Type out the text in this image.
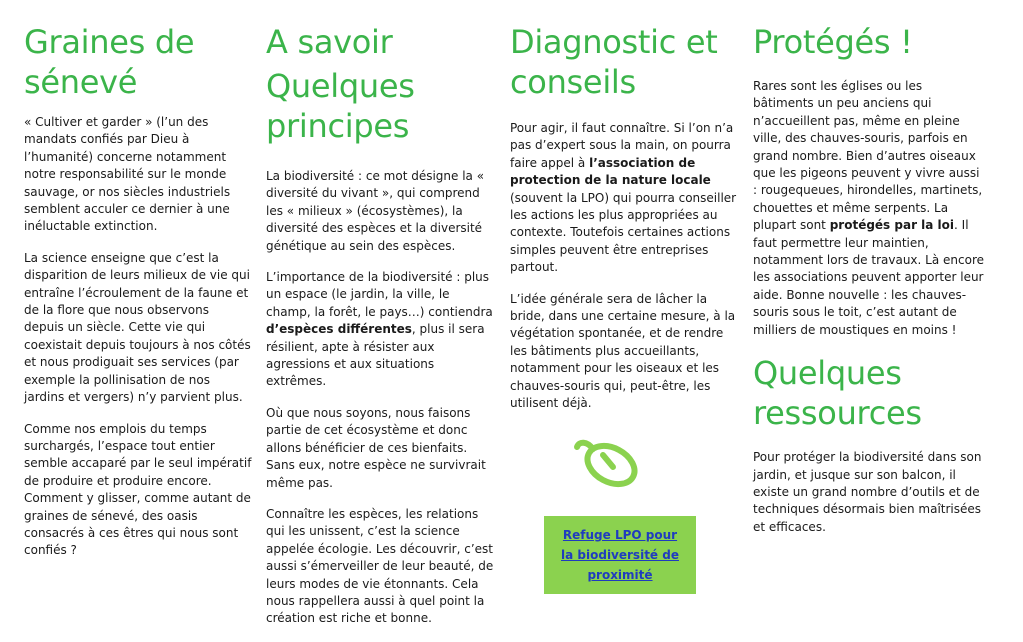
Graines de sénevé

« Cultiver et garder » (l’un des mandats confiés par Dieu à l’humanité) concerne notamment notre responsabilité sur le monde sauvage, or nos siècles industriels semblent acculer ce dernier à une inéluctable extinction.

La science enseigne que c’est la disparition de leurs milieux de vie qui entraîne l’écroulement de la faune et de la flore que nous observons depuis un siècle. Cette vie qui coexistait depuis toujours à nos côtés et nous prodiguait ses services (par exemple la pollinisation de nos jardins et vergers) n’y parvient plus.

Comme nos emplois du temps surchargés, l’espace tout entier semble accaparé par le seul impératif de produire et produire encore. Comment y glisser, comme autant de graines de sénevé, des oasis consacrés à ces êtres qui nous sont confiés ?

A savoir
Quelques principes

La biodiversité : ce mot désigne la « diversité du vivant », qui comprend les « milieux » (écosystèmes), la diversité des espèces et la diversité génétique au sein des espèces.

L’importance de la biodiversité : plus un espace (le jardin, la ville, le champ, la forêt, le pays…) contiendra d’espèces différentes, plus il sera résilient, apte à résister aux agressions et aux situations extrêmes.

Où que nous soyons, nous faisons partie de cet écosystème et donc allons bénéficier de ces bienfaits. Sans eux, notre espèce ne survivrait même pas.

Connaître les espèces, les relations qui les unissent, c’est la science appelée écologie. Les découvrir, c’est aussi s’émerveiller de leur beauté, de leurs modes de vie étonnants. Cela nous rappellera aussi à quel point la création est riche et bonne.

Diagnostic et conseils

Pour agir, il faut connaître. Si l’on n’a pas d’expert sous la main, on pourra faire appel à l’association de protection de la nature locale (souvent la LPO) qui pourra conseiller les actions les plus appropriées au contexte. Toutefois certaines actions simples peuvent être entreprises partout.

L’idée générale sera de lâcher la bride, dans une certaine mesure, à la végétation spontanée, et de rendre les bâtiments plus accueillants, notamment pour les oiseaux et les chauves-souris qui, peut-être, les utilisent déjà.

Refuge LPO pour la biodiversité de proximité
Protégés !

Rares sont les églises ou les bâtiments un peu anciens qui n’accueillent pas, même en pleine ville, des chauves-souris, parfois en grand nombre. Bien d’autres oiseaux que les pigeons peuvent y vivre aussi : rougequeues, hirondelles, martinets, chouettes et même serpents. La plupart sont protégés par la loi. Il faut permettre leur maintien, notamment lors de travaux. Là encore les associations peuvent apporter leur aide. Bonne nouvelle : les chauves-souris sous le toit, c’est autant de milliers de moustiques en moins !

Quelques ressources

Pour protéger la biodiversité dans son jardin, et jusque sur son balcon, il existe un grand nombre d’outils et de techniques désormais bien maîtrisées et efficaces.
